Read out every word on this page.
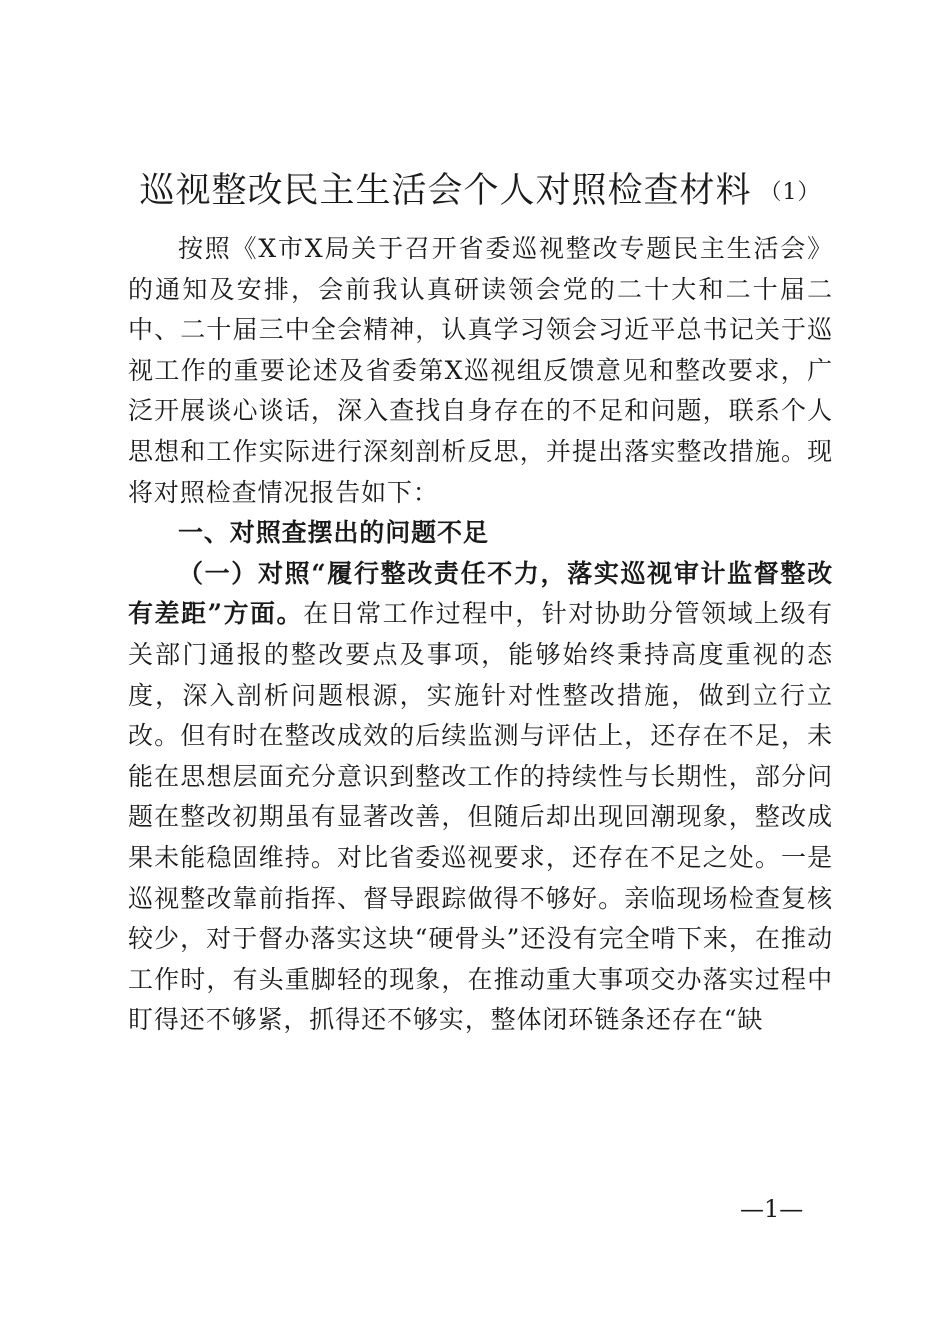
巡视整改民主生活会个人对照检查材料 （1）

按照《X市X局关于召开省委巡视整改专题民主生活会》的通知及安排，会前我认真研读领会党的二十大和二十届二中、二十届三中全会精神，认真学习领会习近平总书记关于巡视工作的重要论述及省委第X巡视组反馈意见和整改要求，广泛开展谈心谈话，深入查找自身存在的不足和问题，联系个人思想和工作实际进行深刻剖析反思，并提出落实整改措施。现将对照检查情况报告如下：

一、对照查摆出的问题不足

（一）对照“履行整改责任不力，落实巡视审计监督整改有差距”方面。在日常工作过程中，针对协助分管领域上级有关部门通报的整改要点及事项，能够始终秉持高度重视的态度，深入剖析问题根源，实施针对性整改措施，做到立行立改。但有时在整改成效的后续监测与评估上，还存在不足，未能在思想层面充分意识到整改工作的持续性与长期性，部分问题在整改初期虽有显著改善，但随后却出现回潮现象，整改成果未能稳固维持。对比省委巡视要求，还存在不足之处。一是巡视整改靠前指挥、督导跟踪做得不够好。亲临现场检查复核较少，对于督办落实这块“硬骨头”还没有完全啃下来，在推动工作时，有头重脚轻的现象，在推动重大事项交办落实过程中盯得还不够紧，抓得还不够实，整体闭环链条还存在“缺

—1—
